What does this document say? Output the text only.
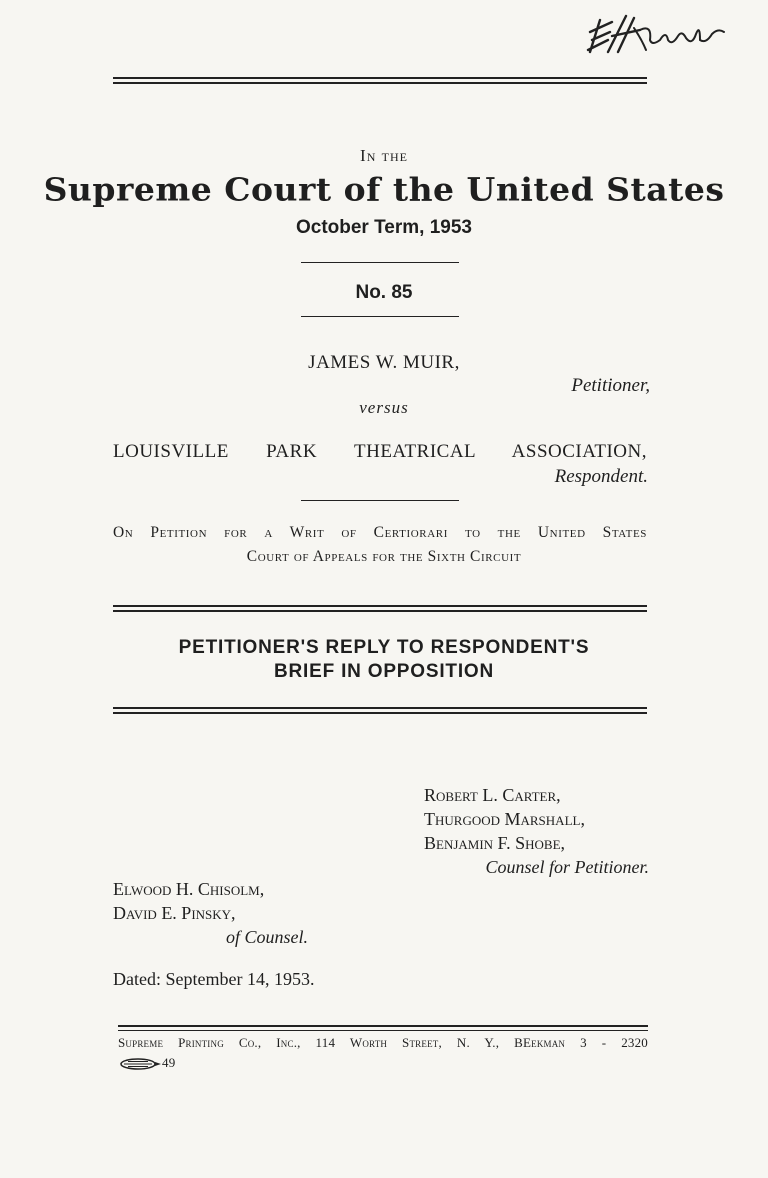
In the
Supreme Court of the United States
October Term, 1953
No. 85
JAMES W. MUIR,
Petitioner,
versus
LOUISVILLE PARK THEATRICAL ASSOCIATION,
Respondent.
On Petition for a Writ of Certiorari to the United States
Court of Appeals for the Sixth Circuit
PETITIONER'S REPLY TO RESPONDENT'S
BRIEF IN OPPOSITION
Robert L. Carter,
Thurgood Marshall,
Benjamin F. Shobe,
Counsel for Petitioner.
Elwood H. Chisolm,
David E. Pinsky,
of Counsel.
Dated: September 14, 1953.
Supreme Printing Co., Inc., 114 Worth Street, N. Y., BEekman 3 - 2320
49
